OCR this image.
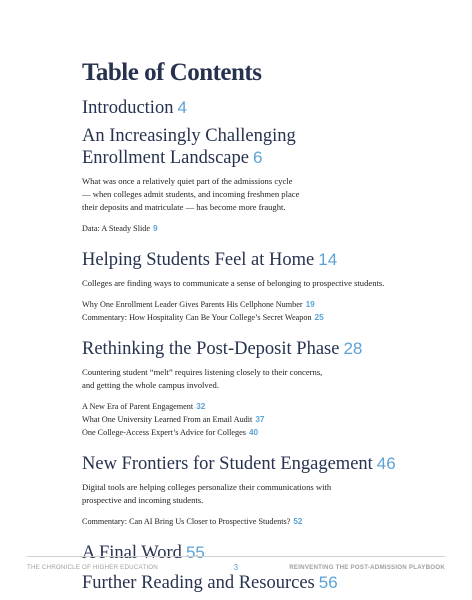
Table of Contents
Introduction 4
An Increasingly Challenging
Enrollment Landscape 6

What was once a relatively quiet part of the admissions cycle
— when colleges admit students, and incoming freshmen place
their deposits and matriculate — has become more fraught.

Data: A Steady Slide 9

Helping Students Feel at Home 14

Colleges are finding ways to communicate a sense of belonging to prospective students.

Why One Enrollment Leader Gives Parents His Cellphone Number 19

Commentary: How Hospitality Can Be Your College’s Secret Weapon 25

Rethinking the Post-Deposit Phase 28

Countering student “melt” requires listening closely to their concerns,
and getting the whole campus involved.

A New Era of Parent Engagement 32

What One University Learned From an Email Audit 37

One College-Access Expert’s Advice for Colleges 40

New Frontiers for Student Engagement 46

Digital tools are helping colleges personalize their communications with
prospective and incoming students.

Commentary: Can AI Bring Us Closer to Prospective Students? 52

A Final Word 55
Further Reading and Resources 56
THE CHRONICLE OF HIGHER EDUCATION	3	REINVENTING THE POST-ADMISSION PLAYBOOK
